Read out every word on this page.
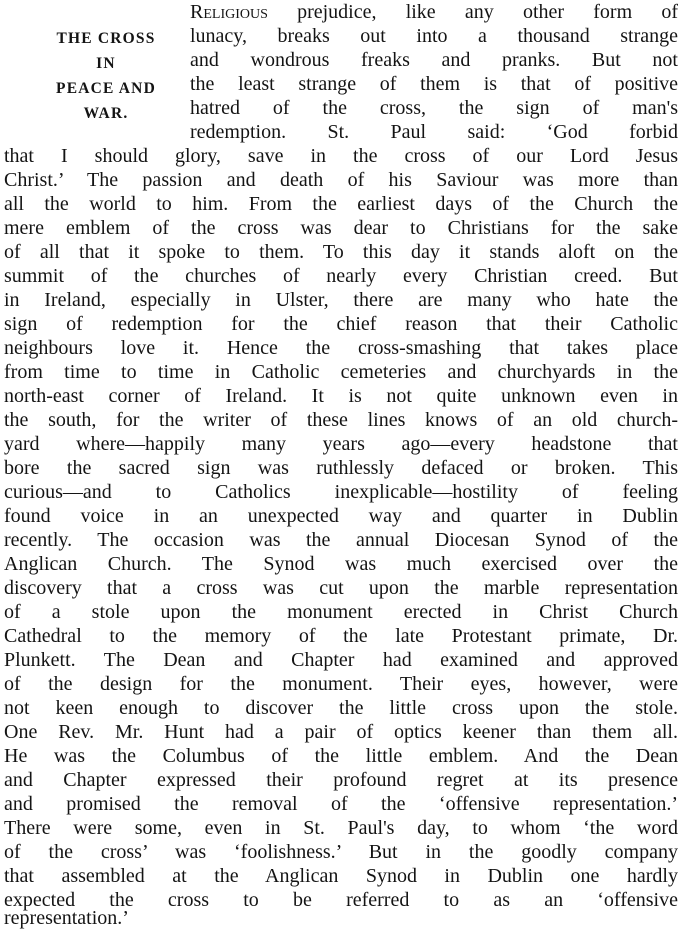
THE CROSS
IN
PEACE AND
WAR.
Religious prejudice, like any other form of
lunacy, breaks out into a thousand strange
and wondrous freaks and pranks. But not
the least strange of them is that of positive
hatred of the cross, the sign of man's
redemption. St. Paul said: ‘God forbid
that I should glory, save in the cross of our Lord Jesus
Christ.’ The passion and death of his Saviour was more than
all the world to him. From the earliest days of the Church the
mere emblem of the cross was dear to Christians for the sake
of all that it spoke to them. To this day it stands aloft on the
summit of the churches of nearly every Christian creed. But
in Ireland, especially in Ulster, there are many who hate the
sign of redemption for the chief reason that their Catholic
neighbours love it. Hence the cross-smashing that takes place
from time to time in Catholic cemeteries and churchyards in the
north-east corner of Ireland. It is not quite unknown even in
the south, for the writer of these lines knows of an old church-
yard where—happily many years ago—every headstone that
bore the sacred sign was ruthlessly defaced or broken. This
curious—and to Catholics inexplicable—hostility of feeling
found voice in an unexpected way and quarter in Dublin
recently. The occasion was the annual Diocesan Synod of the
Anglican Church. The Synod was much exercised over the
discovery that a cross was cut upon the marble representation
of a stole upon the monument erected in Christ Church
Cathedral to the memory of the late Protestant primate, Dr.
Plunkett. The Dean and Chapter had examined and approved
of the design for the monument. Their eyes, however, were
not keen enough to discover the little cross upon the stole.
One Rev. Mr. Hunt had a pair of optics keener than them all.
He was the Columbus of the little emblem. And the Dean
and Chapter expressed their profound regret at its presence
and promised the removal of the ‘offensive representation.’
There were some, even in St. Paul's day, to whom ‘the word
of the cross’ was ‘foolishness.’ But in the goodly company
that assembled at the Anglican Synod in Dublin one hardly
expected the cross to be referred to as an ‘offensive
representation.’
